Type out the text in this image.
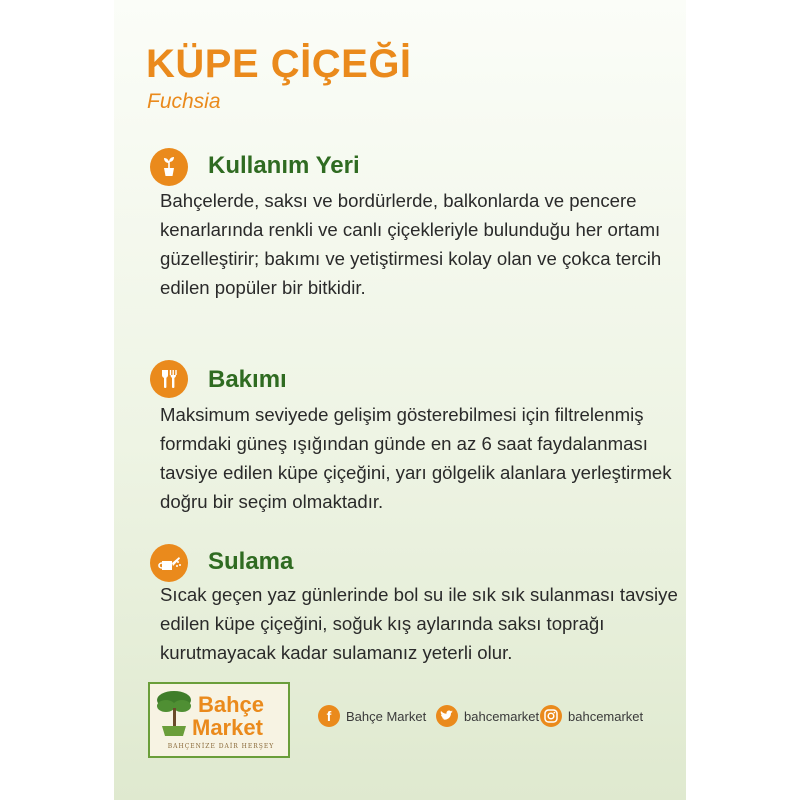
KÜPE ÇİÇEĞİ
Fuchsia
Kullanım Yeri

Bahçelerde, saksı ve bordürlerde, balkonlarda ve pencere kenarlarında renkli ve canlı çiçekleriyle bulunduğu her ortamı güzelleştirir; bakımı ve yetiştirmesi kolay olan ve çokca tercih edilen popüler bir bitkidir.

Bakımı

Maksimum seviyede gelişim gösterebilmesi için filtrelenmiş formdaki güneş ışığından günde en az 6 saat faydalanması tavsiye edilen küpe çiçeğini, yarı gölgelik alanlara yerleştirmek doğru bir seçim olmaktadır.

Sulama

Sıcak geçen yaz günlerinde bol su ile sık sık sulanması tavsiye edilen küpe çiçeğini, soğuk kış aylarında saksı toprağı kurutmayacak kadar sulamanız yeterli olur.

Bahçe
Market
BAHÇENİZE DAİR HERŞEY
f	Bahçe Market	bahcemarket bahcemarket
